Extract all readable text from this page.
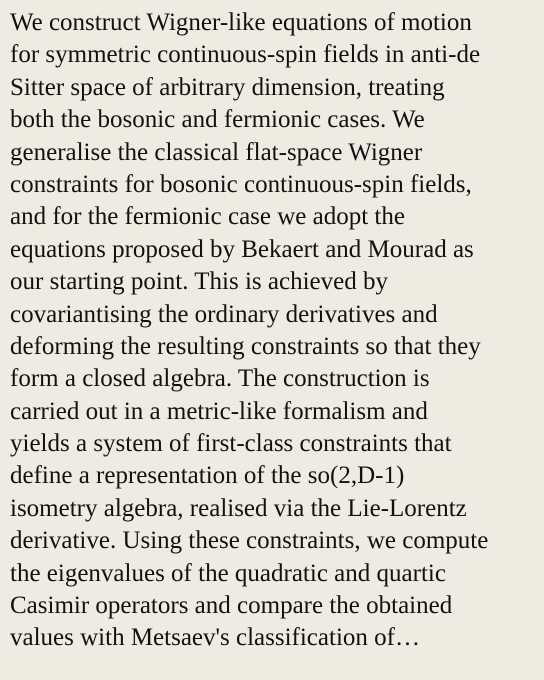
We construct Wigner-like equations of motion
for symmetric continuous-spin fields in anti-de
Sitter space of arbitrary dimension, treating
both the bosonic and fermionic cases. We
generalise the classical flat-space Wigner
constraints for bosonic continuous-spin fields,
and for the fermionic case we adopt the
equations proposed by Bekaert and Mourad as
our starting point. This is achieved by
covariantising the ordinary derivatives and
deforming the resulting constraints so that they
form a closed algebra. The construction is
carried out in a metric-like formalism and
yields a system of first-class constraints that
define a representation of the so(2,D-1)
isometry algebra, realised via the Lie-Lorentz
derivative. Using these constraints, we compute
the eigenvalues of the quadratic and quartic
Casimir operators and compare the obtained
values with Metsaev's classification of…
